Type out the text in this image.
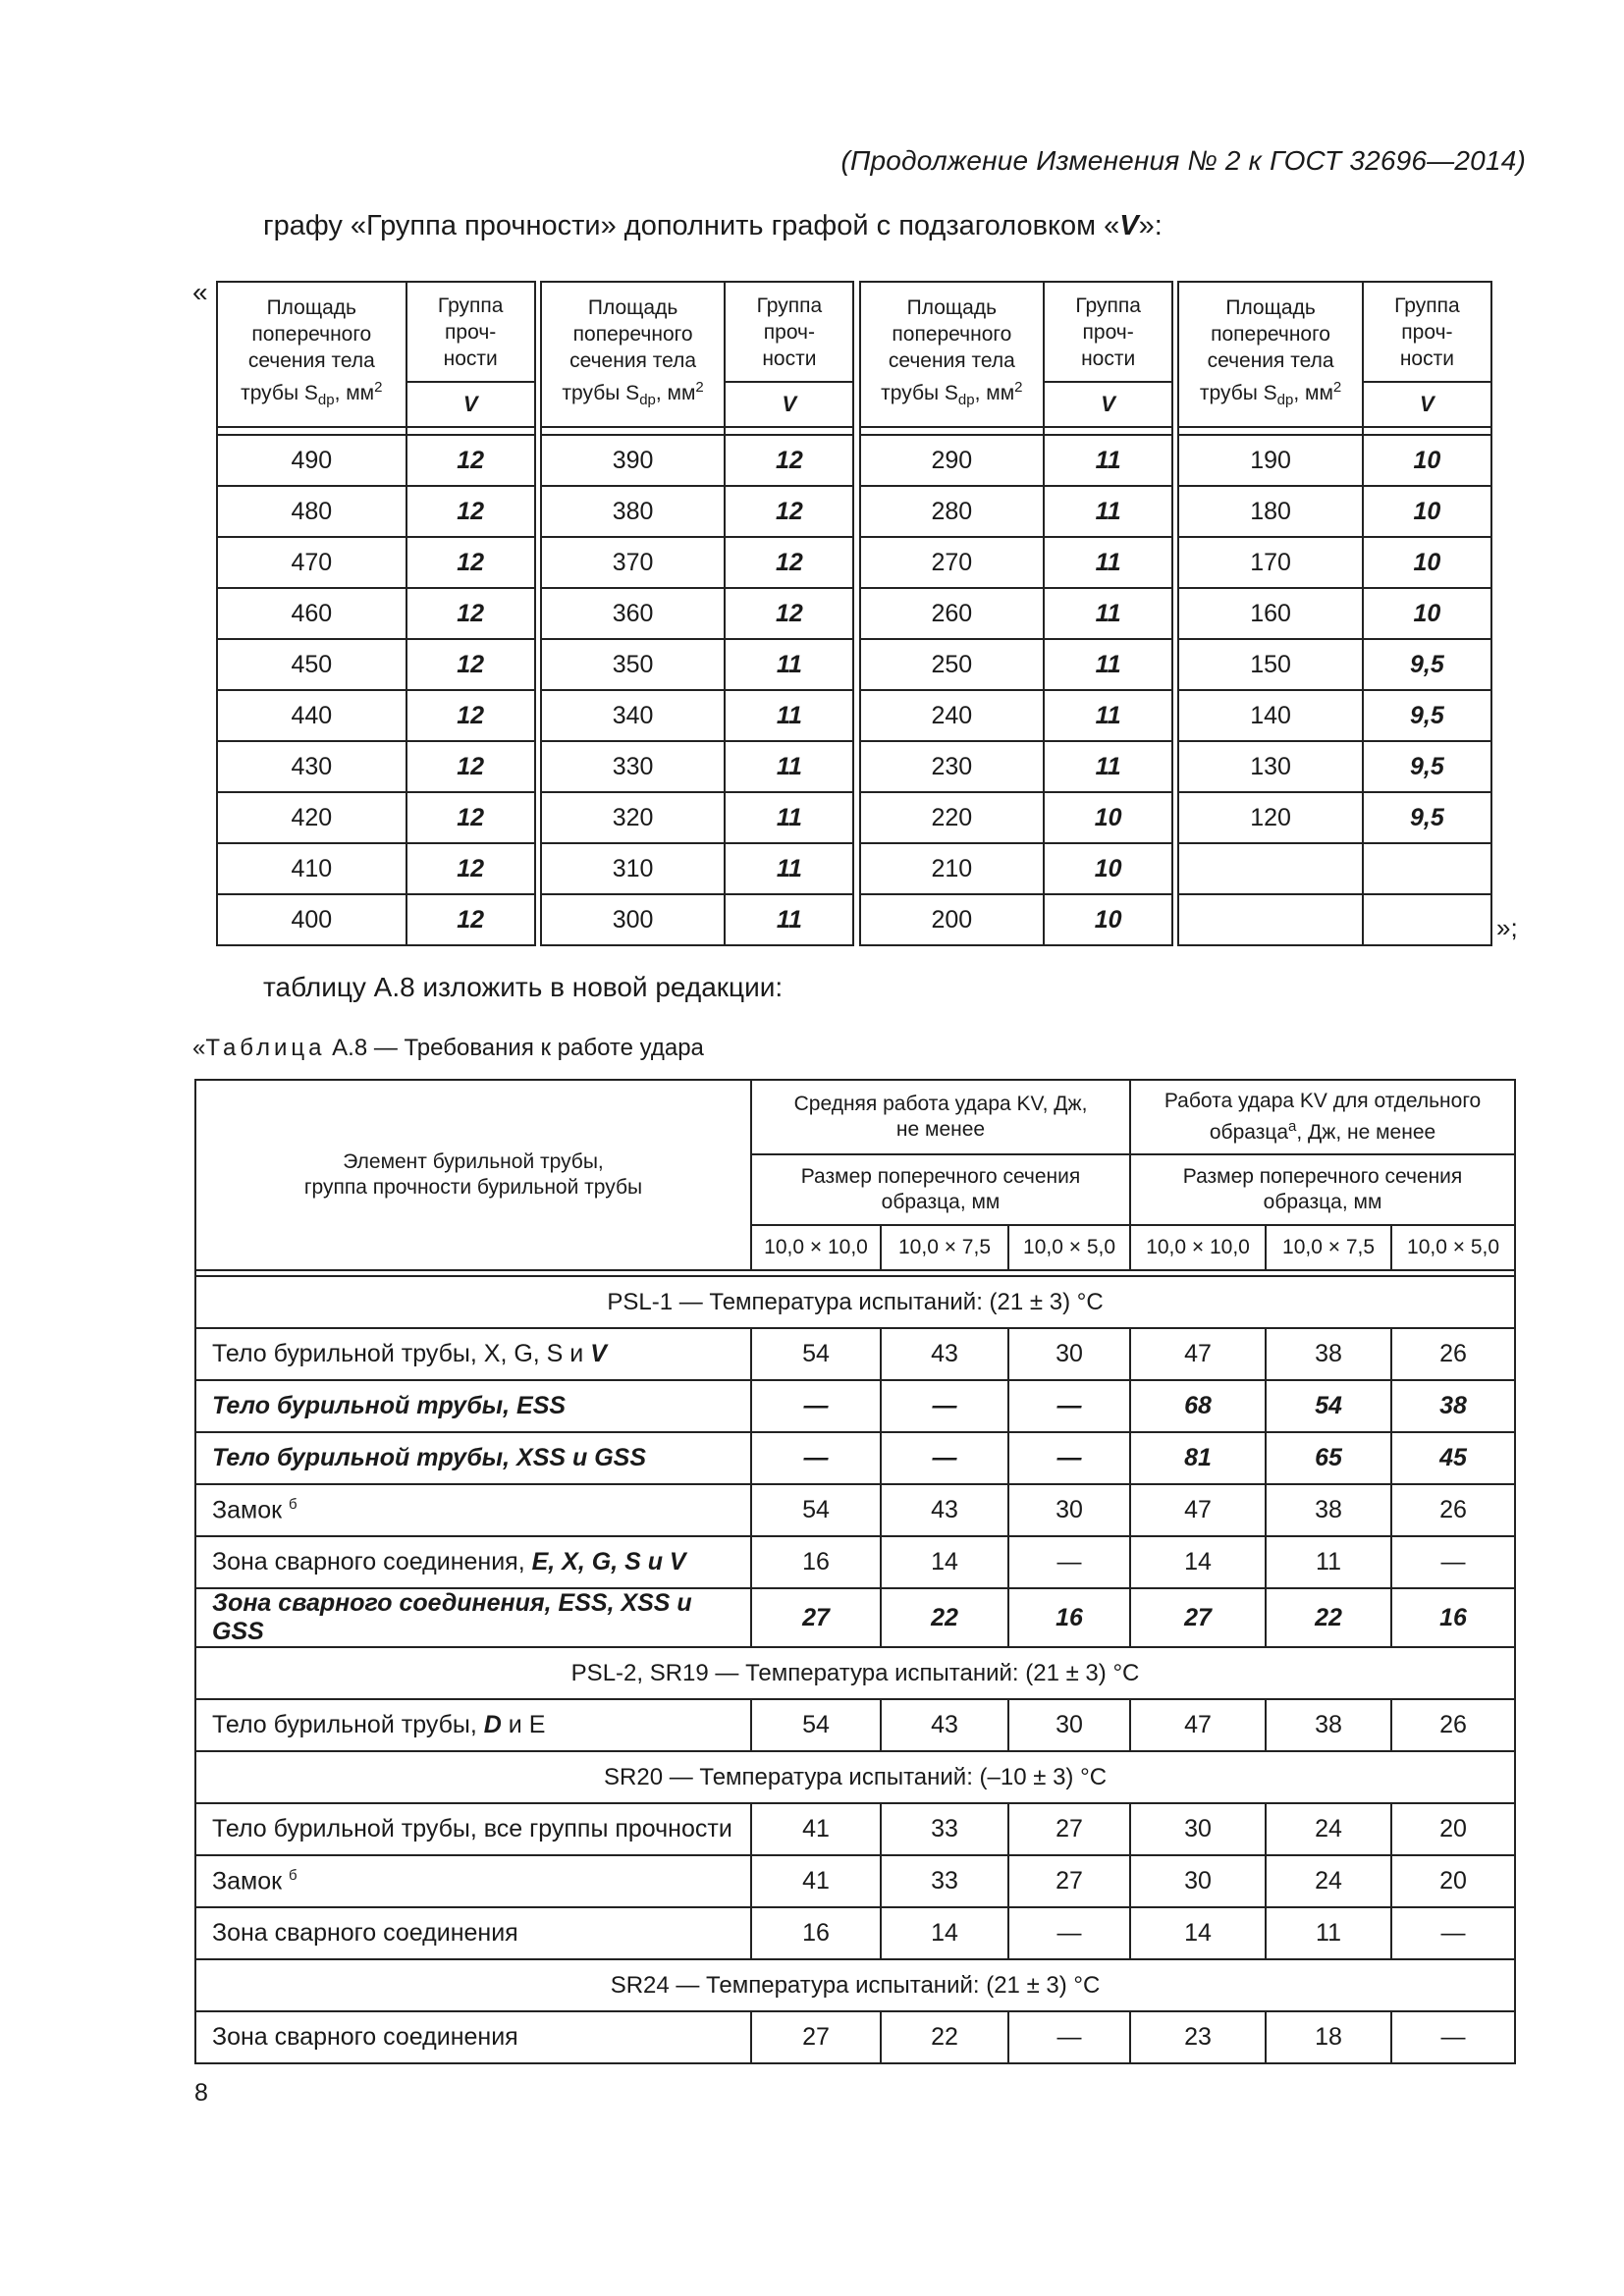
(Продолжение Изменения № 2 к ГОСТ 32696—2014)
графу «Группа прочности» дополнить графой с подзаголовком «V»:
«
Площадь
поперечного
сечения тела
трубы $S_{dp}$, $мм^2$	Группа
проч-
ности		Площадь
поперечного
сечения тела
трубы $S_{dp}$, $мм^2$	Группа
проч-
ности		Площадь
поперечного
сечения тела
трубы $S_{dp}$, $мм^2$	Группа
проч-
ности		Площадь
поперечного
сечения тела
трубы $S_{dp}$, $мм^2$	Группа
проч-
ности
	V			V			V			V

490	12		390	12		290	11		190	10
480	12		380	12		280	11		180	10
470	12		370	12		270	11		170	10
460	12		360	12		260	11		160	10
450	12		350	11		250	11		150	9,5
440	12		340	11		240	11		140	9,5
430	12		330	11		230	11		130	9,5
420	12		320	11		220	10		120	9,5
410	12		310	11		210	10			
400	12		300	11		200	10				»;
таблицу А.8 изложить в новой редакции:
«Таблица А.8 — Требования к работе удара
Элемент бурильной трубы,
группа прочности бурильной трубы	Средняя работа удара KV, Дж,
не менее			Работа удара KV для отдельного
образца$^а$, Дж, не менее		
	Размер поперечного сечения
образца, мм			Размер поперечного сечения
образца, мм		
	10,0 × 10,0	10,0 × 7,5	10,0 × 5,0	10,0 × 10,0	10,0 × 7,5	10,0 × 5,0

PSL-1 — Температура испытаний: (21 ± 3) °С						
Тело бурильной трубы, X, G, S и V	54	43	30	47	38	26
Тело бурильной трубы, ESS	—	—	—	68	54	38
Тело бурильной трубы, XSS и GSS	—	—	—	81	65	45
Замок $^б$	54	43	30	47	38	26
Зона сварного соединения, E, X, G, S и V	16	14	—	14	11	—
Зона сварного соединения, ESS, XSS и GSS	27	22	16	27	22	16
PSL-2, SR19 — Температура испытаний: (21 ± 3) °С						
Тело бурильной трубы, D и E	54	43	30	47	38	26
SR20 — Температура испытаний: (–10 ± 3) °С						
Тело бурильной трубы, все группы прочности	41	33	27	30	24	20
Замок $^б$	41	33	27	30	24	20
Зона сварного соединения	16	14	—	14	11	—
SR24 — Температура испытаний: (21 ± 3) °С						
Зона сварного соединения	27	22	—	23	18	—
8
